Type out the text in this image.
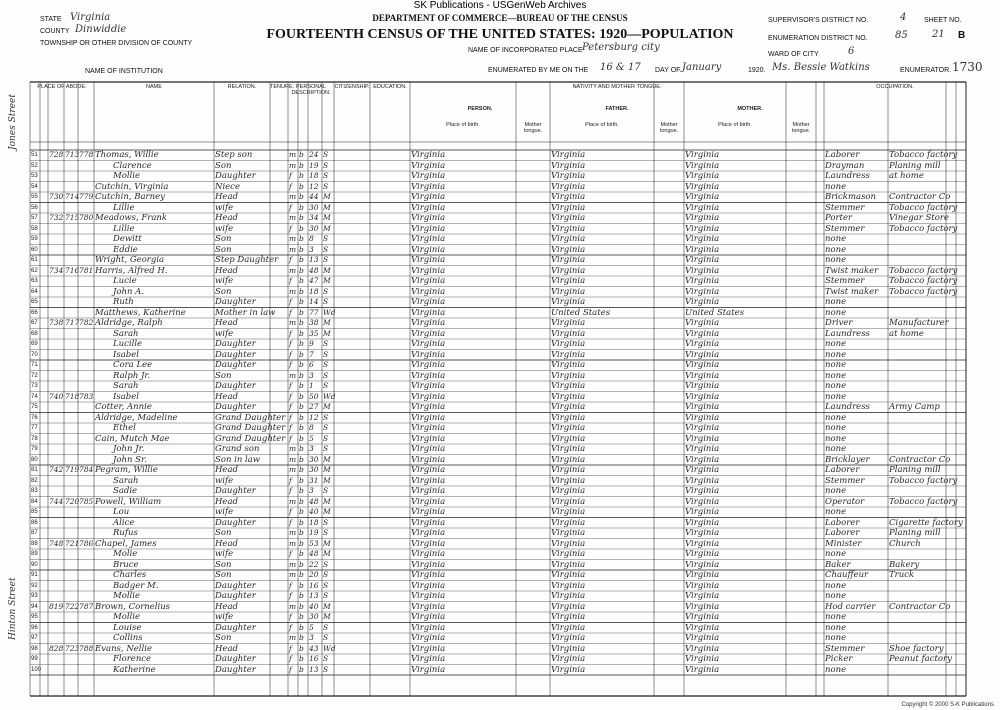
SK Publications - USGenWeb Archives
STATE Virginia
COUNTY Dinwiddie
TOWNSHIP OR OTHER DIVISION OF COUNTY
NAME OF INSTITUTION
DEPARTMENT OF COMMERCE—BUREAU OF THE CENSUS
FOURTEENTH CENSUS OF THE UNITED STATES: 1920—POPULATION
NAME OF INCORPORATED PLACE Petersburg city
ENUMERATED BY ME ON THE 16 & 17 DAY OF January	1920. Ms. Bessie Watkins	ENUMERATOR.
SUPERVISOR'S DISTRICT NO.	4
ENUMERATION DISTRICT NO.	85
WARD OF CITY	6
SHEET NO.
21 B
1730
PLACE OF ABODE.	NAME	RELATION.	TENURE. PERSONAL DESCRIPTION.
CITIZENSHIP. EDUCATION.	NATIVITY AND MOTHER TONGUE.	OCCUPATION.
PERSON.	FATHER.	MOTHER.
Place of birth.	Mother tongue.
Place of birth.	Mother tongue.
Place of birth.	Mother tongue.
51 728 713 778 Thomas, Willie	Step son	m b 24 S	Virginia	Virginia	Virginia	Laborer	Tobacco factory
52	Clarence	Son	m b 19 S	Virginia	Virginia	Virginia	Drayman	Planing mill
53	Mollie	Daughter	f b 18 S	Virginia	Virginia	Virginia	Laundress	at home
54	Cutchin, Virginia	Niece	f b 12 S	Virginia	Virginia	Virginia	none
55 730 714 779 Cutchin, Barney	Head	m b 44 M	Virginia	Virginia	Virginia	Brickmason	Contractor Co
56	Lillie	wife	f b 30 M	Virginia	Virginia	Virginia	Stemmer	Tobacco factory
57 732 715 780 Meadows, Frank	Head	m b 34 M	Virginia	Virginia	Virginia	Porter	Vinegar Store
58	Lillie	wife	f b 30 M	Virginia	Virginia	Virginia	Stemmer	Tobacco factory
59	Dewitt	Son	m b 8	S	Virginia	Virginia	Virginia	none
60	Eddie	Son	m b 3	S	Virginia	Virginia	Virginia	none
61	Wright, Georgia	Step Daughter f b 13 S	Virginia	Virginia	Virginia	none
62 734 716 781 Harris, Alfred H.	Head	m b 48 M	Virginia	Virginia	Virginia	Twist maker	Tobacco factory
63	Lucie	wife	f b 47 M	Virginia	Virginia	Virginia	Stemmer	Tobacco factory
64	John A.	Son	m b 18 S	Virginia	Virginia	Virginia	Twist maker	Tobacco factory
65	Ruth	Daughter	f b 14 S	Virginia	Virginia	Virginia	none
66	Matthews, Katherine	Mother in law f b 77 Wd	Virginia	United States	United States	none
67 738 717 782 Aldridge, Ralph	Head	m b 38 M	Virginia	Virginia	Virginia	Driver	Manufacturer
68	Sarah	wife	f b 35 M	Virginia	Virginia	Virginia	Laundress	at home
69	Lucille	Daughter	f b 9	S	Virginia	Virginia	Virginia	none
70	Isabel	Daughter	f b 7	S	Virginia	Virginia	Virginia	none
71	Cora Lee	Daughter	f b 6	S	Virginia	Virginia	Virginia	none
72	Ralph Jr.	Son	m b 3	S	Virginia	Virginia	Virginia	none
73	Sarah	Daughter	f b 1	S	Virginia	Virginia	Virginia	none
74 740 718 783	Isabel	Head	f b 50 Wd	Virginia	Virginia	Virginia	none
75	Cotter, Annie	Daughter	f b 27 M	Virginia	Virginia	Virginia	Laundress	Army Camp
76	Aldridge, Madeline	Grand Daughter f b 12 S	Virginia	Virginia	Virginia	none
77	Ethel	Grand Daughter f b 8	S	Virginia	Virginia	Virginia	none
78	Cain, Mutch Mae	Grand Daughter f b 5	S	Virginia	Virginia	Virginia	none
79	John Jr.	Grand son	m b 3	S	Virginia	Virginia	Virginia	none
80	John Sr.	Son in law	m b 30 M	Virginia	Virginia	Virginia	Bricklayer	Contractor Co
81 742 719 784 Pegram, Willie	Head	m b 30 M	Virginia	Virginia	Virginia	Laborer	Planing mill
82	Sarah	wife	f b 31 M	Virginia	Virginia	Virginia	Stemmer	Tobacco factory
83	Sadie	Daughter	f b 3	S	Virginia	Virginia	Virginia	none
84 744 720 785 Powell, William	Head	m b 48 M	Virginia	Virginia	Virginia	Operator	Tobacco factory
85	Lou	wife	f b 40 M	Virginia	Virginia	Virginia	none
86	Alice	Daughter	f b 18 S	Virginia	Virginia	Virginia	Laborer	Cigarette factory
87	Rufus	Son	m b 19 S	Virginia	Virginia	Virginia	Laborer	Planing mill
88 748 721 786 Chapel, James	Head	m b 53 M	Virginia	Virginia	Virginia	Minister	Church
89	Molie	wife	f b 48 M	Virginia	Virginia	Virginia	none
90	Bruce	Son	m b 22 S	Virginia	Virginia	Virginia	Baker	Bakery
91	Charles	Son	m b 20 S	Virginia	Virginia	Virginia	Chauffeur	Truck
92	Badger M.	Daughter	f b 16 S	Virginia	Virginia	Virginia	none
93	Mollie	Daughter	f b 13 S	Virginia	Virginia	Virginia	none
94 819 722 787 Brown, Cornelius	Head	m b 40 M	Virginia	Virginia	Virginia	Hod carrier	Contractor Co
95	Mollie	wife	f b 30 M	Virginia	Virginia	Virginia	none
96	Louise	Daughter	f b 5	S	Virginia	Virginia	Virginia	none
97	Collins	Son	m b 3	S	Virginia	Virginia	Virginia	none
98 828 723 788 Evans, Nellie	Head	f b 43 Wd	Virginia	Virginia	Virginia	Stemmer	Shoe factory
99	Florence	Daughter	f b 16 S	Virginia	Virginia	Virginia	Picker	Peanut factory
100	Katherine	Daughter	f b 13 S	Virginia	Virginia	Virginia	none
Jones Street
Hinton Street
Copyright © 2000 S-K Publications
